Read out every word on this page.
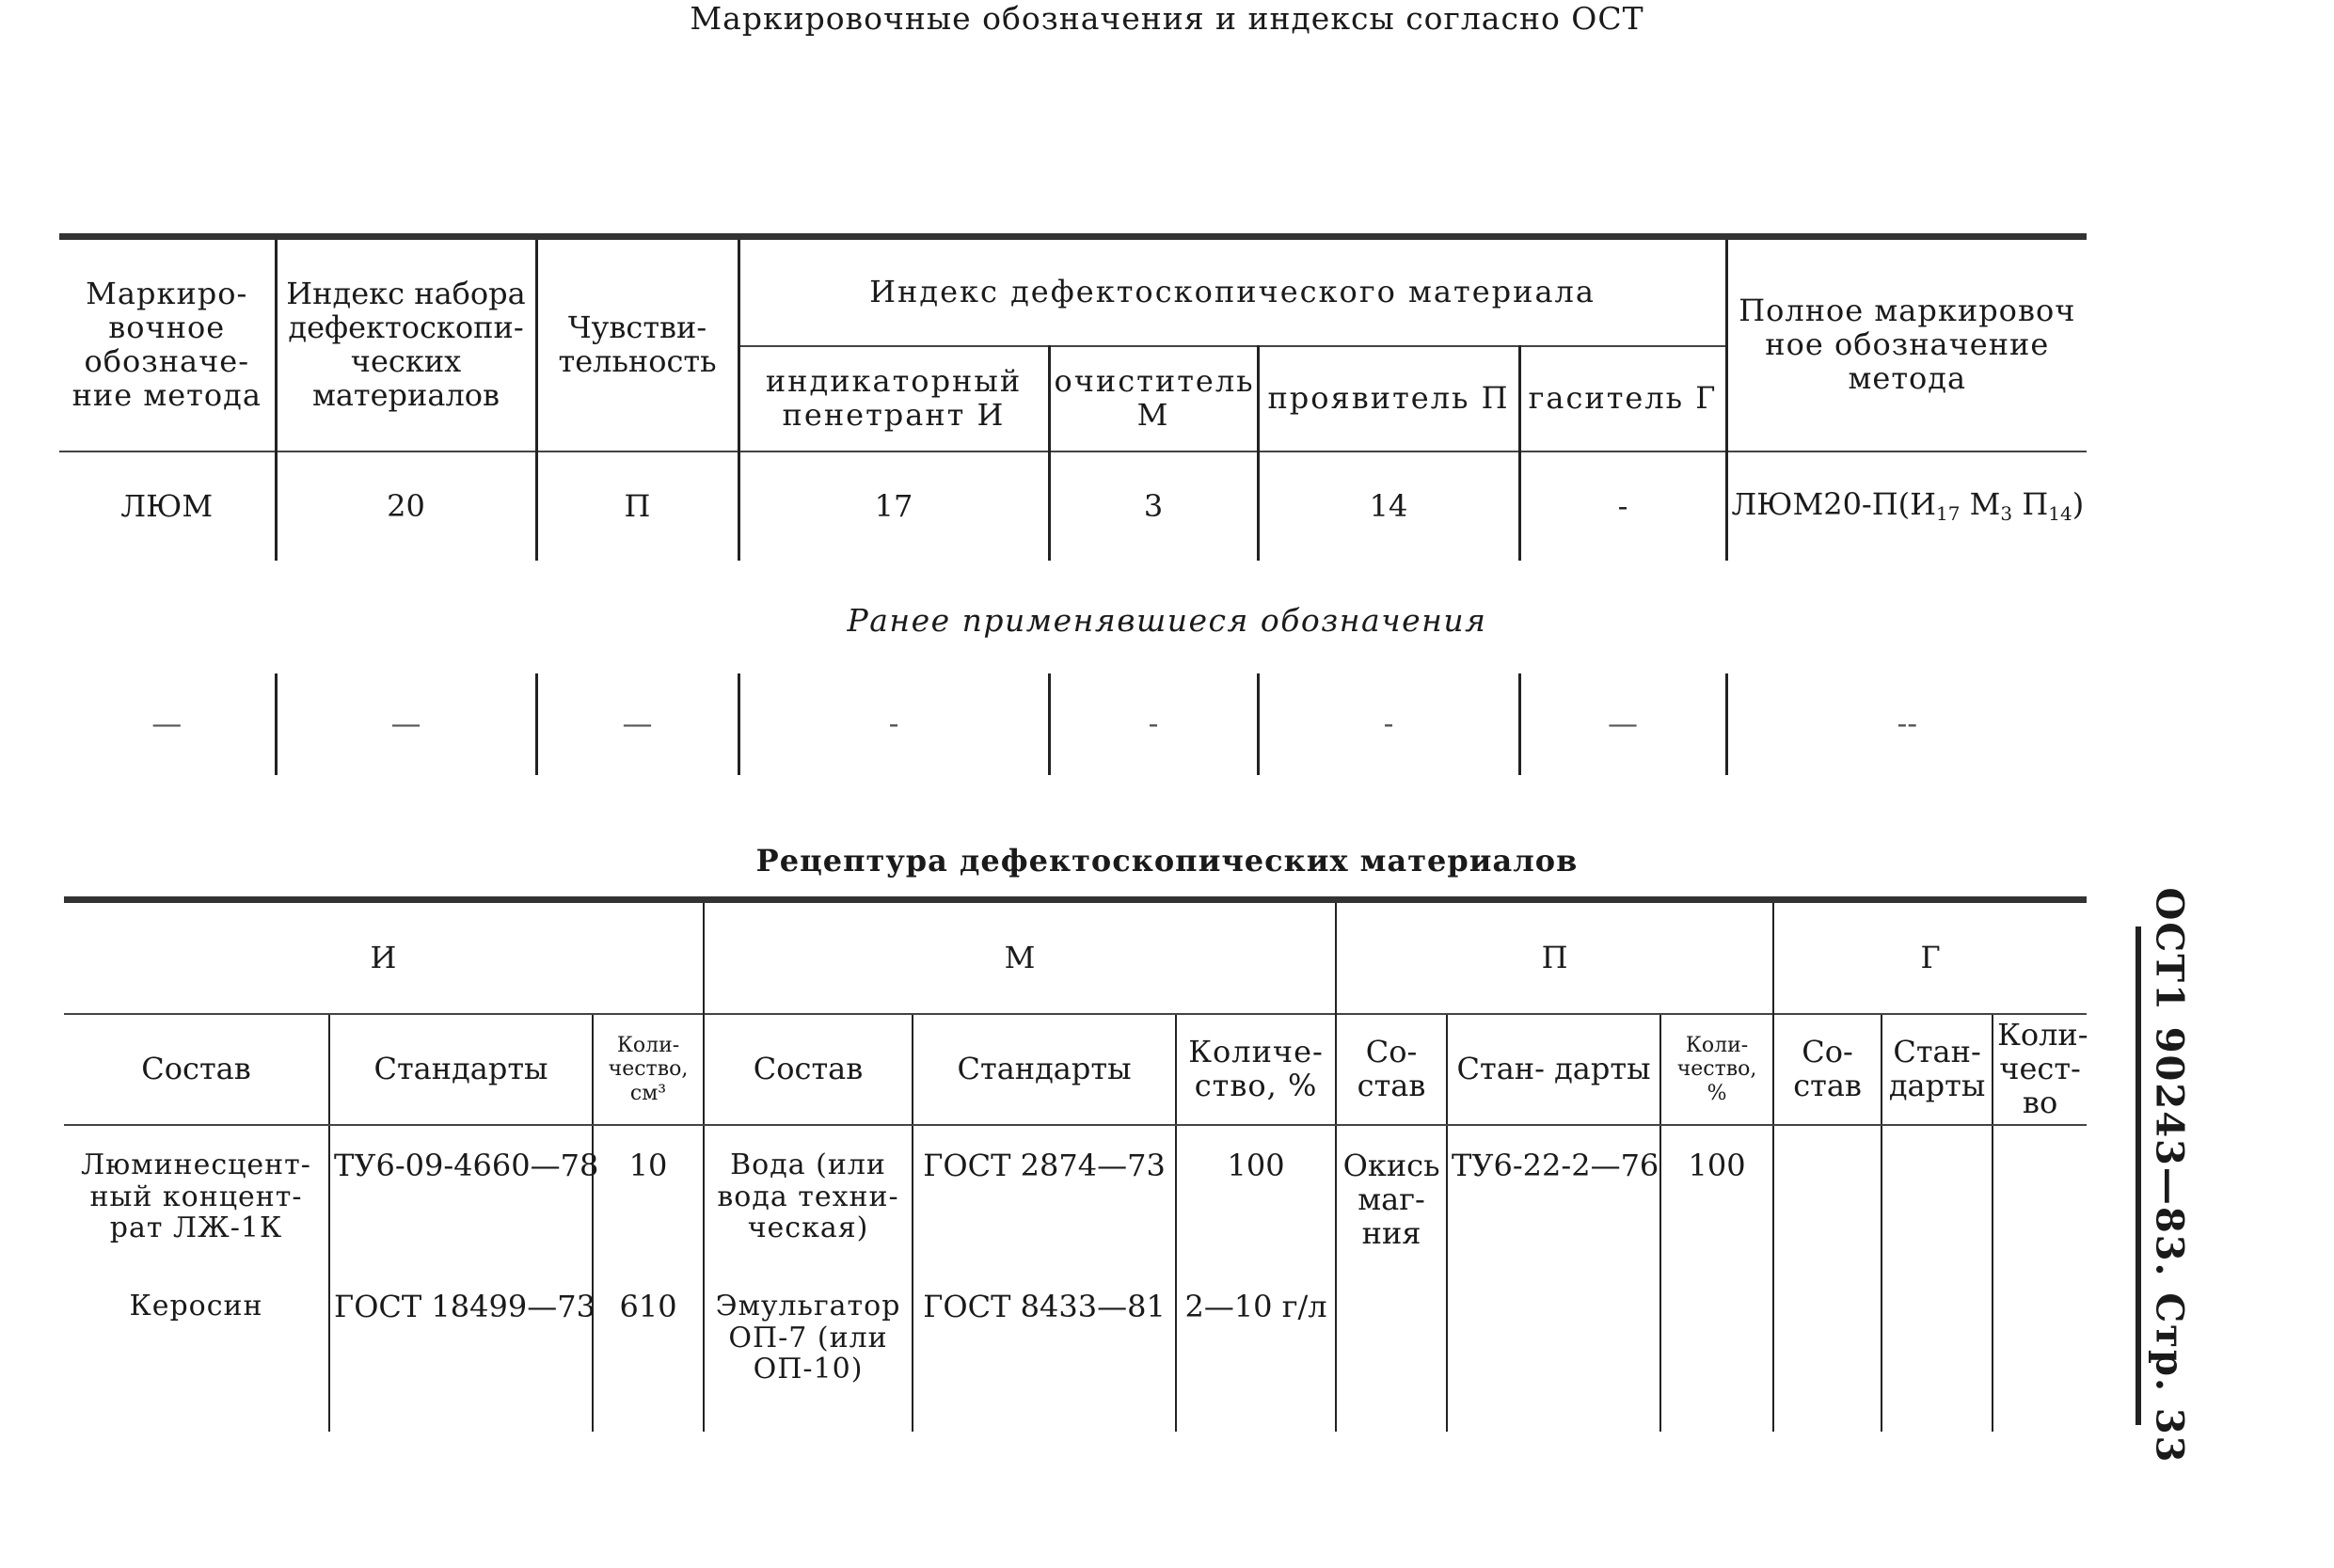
Маркировочные обозначения и индексы согласно ОСТ
Маркиро- вочное обозначе- ние метода	Индекс набора дефектоскопи- ческих материалов	Чувстви- тельность	Индекс дефектоскопического материала				Полное маркировоч ное обозначение метода
			индикаторный пенетрант И	очиститель М	проявитель П	гаситель Г	
ЛЮМ	20	П	17	3	14	-	$ЛЮМ20-П(И_{17}$ $М_3$ $П_{14}$)

—	—	—	-	-	-	—	--
Ранее применявшиеся обозначения
Рецептура дефектоскопических материалов
И			М			П			Г		
Состав	Стандарты	Коли- чество, см³	Состав	Стандарты	Количе- ство, %	Со- став	Стан- дарты	Коли- чество, %	Со- став	Стан- дарты	Коли- чест- во
Люминесцент- ный концент- рат ЛЖ-1К	ТУ6-09-4660—78	10	Вода (или вода техни- ческая)	ГОСТ 2874—73	100	Окись маг- ния	ТУ6-22-2—76	100			
Керосин	ГОСТ 18499—73	610	Эмульгатор ОП-7 (или ОП-10)	ГОСТ 8433—81	2—10 г/л							ОСТ1 90243—83. Стр. 33
